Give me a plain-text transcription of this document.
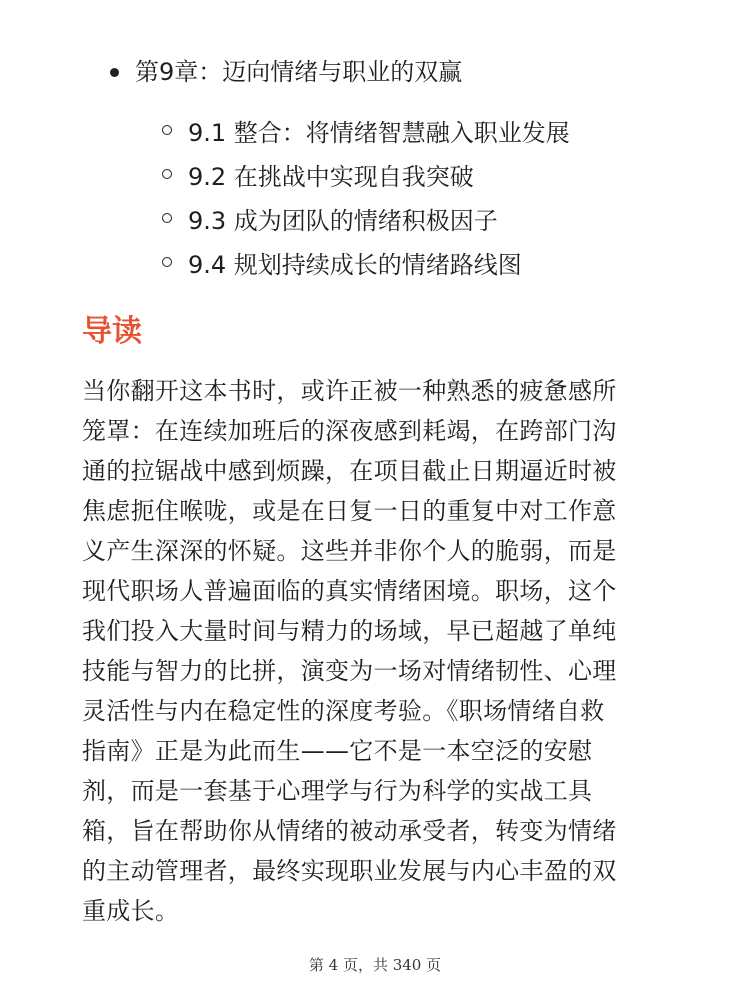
第9章：迈向情绪与职业的双赢
9.1 整合：将情绪智慧融入职业发展
9.2 在挑战中实现自我突破
9.3 成为团队的情绪积极因子
9.4 规划持续成长的情绪路线图
导读
当你翻开这本书时，或许正被一种熟悉的疲惫感所
笼罩：在连续加班后的深夜感到耗竭，在跨部门沟
通的拉锯战中感到烦躁，在项目截止日期逼近时被
焦虑扼住喉咙，或是在日复一日的重复中对工作意
义产生深深的怀疑。这些并非你个人的脆弱，而是
现代职场人普遍面临的真实情绪困境。职场，这个
我们投入大量时间与精力的场域，早已超越了单纯
技能与智力的比拼，演变为一场对情绪韧性、心理
灵活性与内在稳定性的深度考验。《职场情绪自救
指南》正是为此而生——它不是一本空泛的安慰
剂，而是一套基于心理学与行为科学的实战工具
箱，旨在帮助你从情绪的被动承受者，转变为情绪
的主动管理者，最终实现职业发展与内心丰盈的双
重成长。
第 4 页，共 340 页
